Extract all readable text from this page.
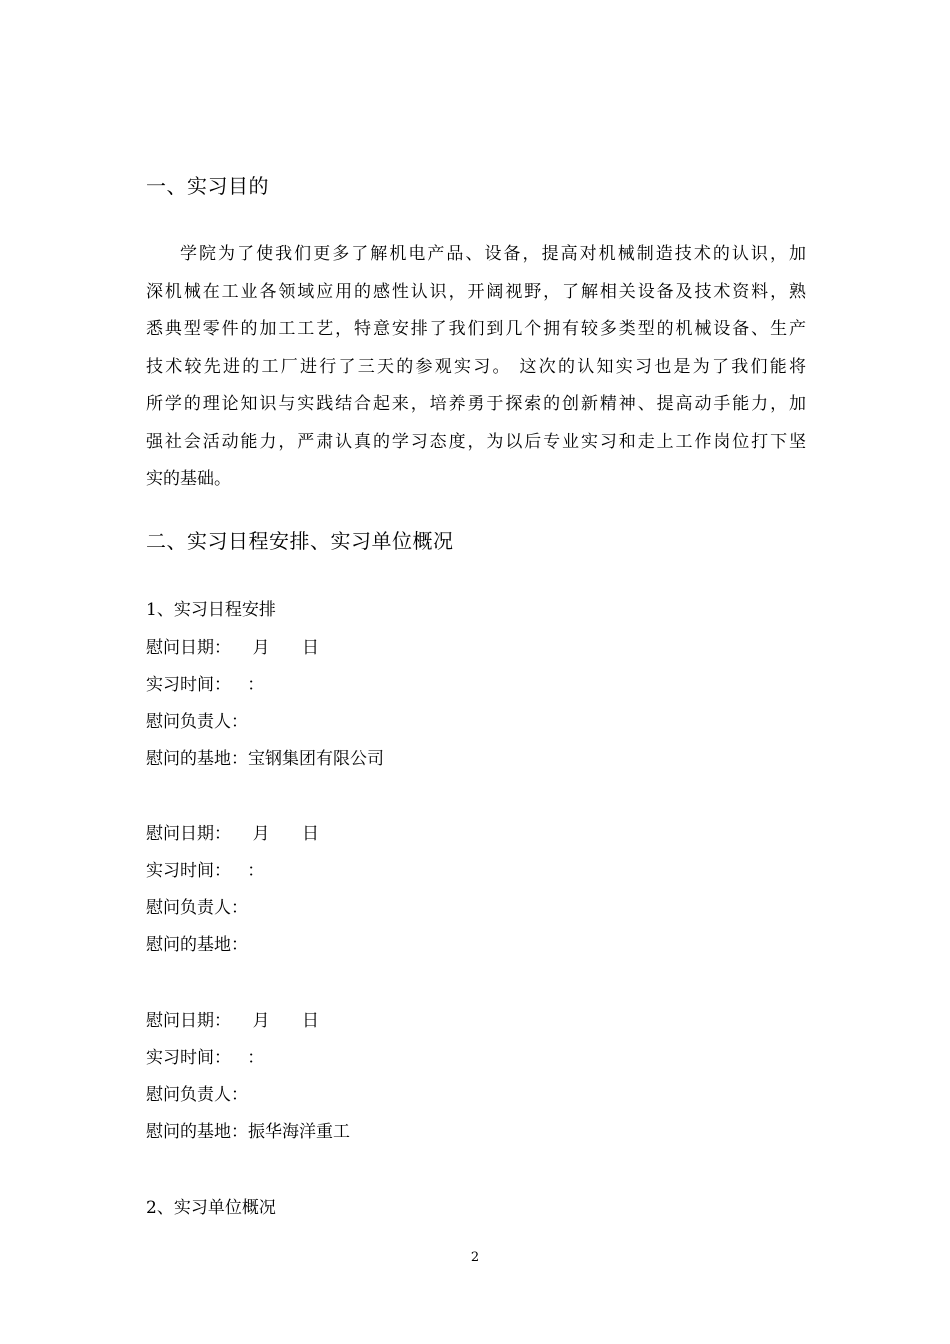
一、实习目的
学院为了使我们更多了解机电产品、设备，提高对机械制造技术的认识，加
深机械在工业各领域应用的感性认识，开阔视野，了解相关设备及技术资料，熟
悉典型零件的加工工艺，特意安排了我们到几个拥有较多类型的机械设备、生产
技术较先进的工厂进行了三天的参观实习。 这次的认知实习也是为了我们能将
所学的理论知识与实践结合起来，培养勇于探索的创新精神、提高动手能力，加
强社会活动能力，严肃认真的学习态度，为以后专业实习和走上工作岗位打下坚
实的基础。
二、实习日程安排、实习单位概况
1、实习日程安排
慰问日期：    月      日
实习时间：   ：
慰问负责人：
慰问的基地：宝钢集团有限公司
慰问日期：    月      日
实习时间：   ：
慰问负责人：
慰问的基地：
慰问日期：    月      日
实习时间：   ：
慰问负责人：
慰问的基地：振华海洋重工
2、实习单位概况
2
